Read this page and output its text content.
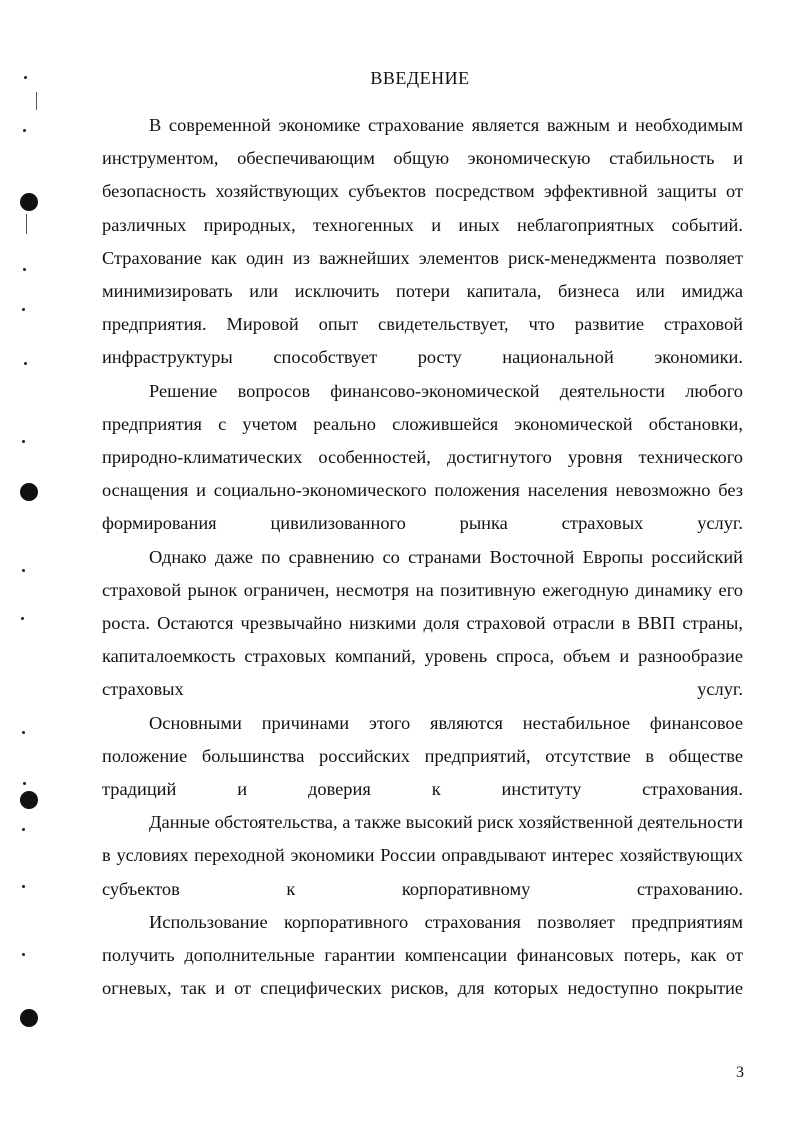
ВВЕДЕНИЕ

В современной экономике страхование является важным и необходимым инструментом, обеспечивающим общую экономическую стабильность и безопасность хозяйствующих субъектов посредством эффективной защиты от различных природных, техногенных и иных неблагоприятных событий. Страхование как один из важнейших элементов риск-менеджмента позволяет минимизировать или исключить потери капитала, бизнеса или имиджа предприятия. Мировой опыт свидетельствует, что развитие страховой инфраструктуры способствует росту национальной экономики.

Решение вопросов финансово-экономической деятельности любого предприятия с учетом реально сложившейся экономической обстановки, природно-климатических особенностей, достигнутого уровня технического оснащения и социально-экономического положения населения невозможно без формирования цивилизованного рынка страховых услуг.

Однако даже по сравнению со странами Восточной Европы российский страховой рынок ограничен, несмотря на позитивную ежегодную динамику его роста. Остаются чрезвычайно низкими доля страховой отрасли в ВВП страны, капиталоемкость страховых компаний, уровень спроса, объем и разнообразие страховых услуг.

Основными причинами этого являются нестабильное финансовое положение большинства российских предприятий, отсутствие в обществе традиций и доверия к институту страхования.

Данные обстоятельства, а также высокий риск хозяйственной деятельности в условиях переходной экономики России оправдывают интерес хозяйствующих субъектов к корпоративному страхованию.

Использование корпоративного страхования позволяет предприятиям получить дополнительные гарантии компенсации финансовых потерь, как от огневых, так и от специфических рисков, для которых недоступно покрытие

3
